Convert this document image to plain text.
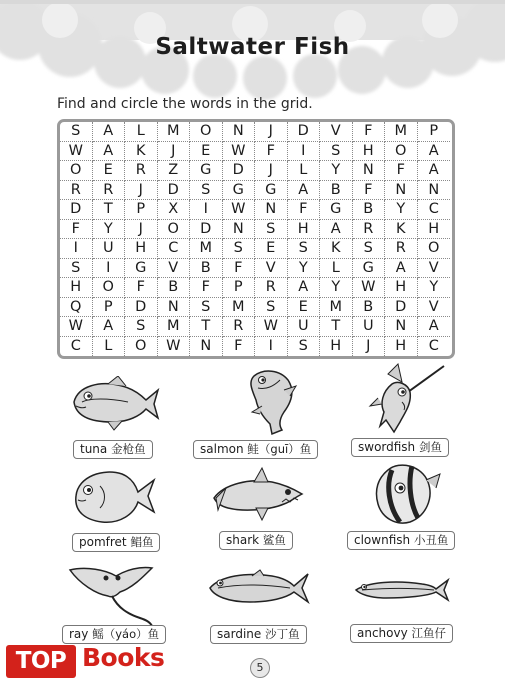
Saltwater Fish
Find and circle the words in the grid.
S	A	L	M	O	N	J	D	V	F	M	P
W	A	K	J	E	W	F	I	S	H	O	A
O	E	R	Z	G	D	J	L	Y	N	F	A
R	R	J	D	S	G	G	A	B	F	N	N
D	T	P	X	I	W	N	F	G	B	Y	C
F	Y	J	O	D	N	S	H	A	R	K	H
I	U	H	C	M	S	E	S	K	S	R	O
S	I	G	V	B	F	V	Y	L	G	A	V
H	O	F	B	F	P	R	A	Y	W	H	Y
Q	P	D	N	S	M	S	E	M	B	D	V
W	A	S	M	T	R	W	U	T	U	N	A
C	L	O	W	N	F	I	S	H	J	H	C
tuna 金枪鱼	salmon 鲑（guī）鱼	swordfish 剑鱼
pomfret 鲳鱼	shark 鲨鱼	clownfish 小丑鱼
ray 鳐（yáo）鱼	sardine 沙丁鱼	anchovy 江鱼仔
TOP Books	5
